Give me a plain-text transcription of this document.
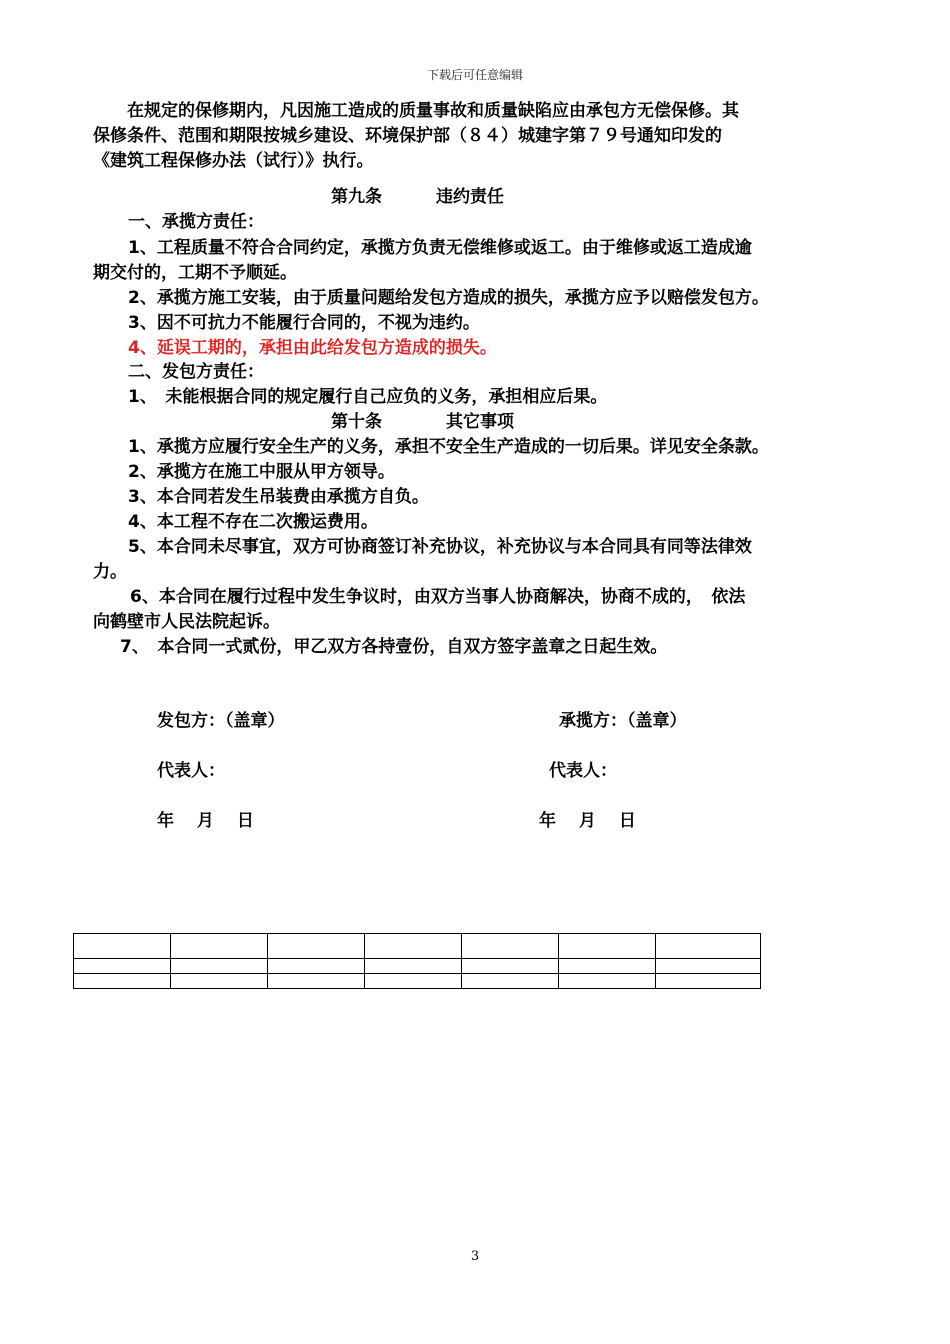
下载后可任意编辑
在规定的保修期内，凡因施工造成的质量事故和质量缺陷应由承包方无偿保修。其
保修条件、范围和期限按城乡建设、环境保护部（８４）城建字第７９号通知印发的
《建筑工程保修办法（试行）》执行。
第九条	违约责任
一、承揽方责任：
1、工程质量不符合合同约定，承揽方负责无偿维修或返工。由于维修或返工造成逾
期交付的，工期不予顺延。
2、承揽方施工安装，由于质量问题给发包方造成的损失，承揽方应予以赔偿发包方。
3、因不可抗力不能履行合同的，不视为违约。
4、延误工期的，承担由此给发包方造成的损失。
二、发包方责任：
1、　未能根据合同的规定履行自己应负的义务，承担相应后果。
第十条	其它事项
1、承揽方应履行安全生产的义务，承担不安全生产造成的一切后果。详见安全条款。
2、承揽方在施工中服从甲方领导。
3、本合同若发生吊装费由承揽方自负。
4、本工程不存在二次搬运费用。
5、本合同未尽事宜，双方可协商签订补充协议，补充协议与本合同具有同等法律效
力。
6、本合同在履行过程中发生争议时，由双方当事人协商解决，协商不成的，　依法
向鹤壁市人民法院起诉。
7、　本合同一式贰份，甲乙双方各持壹份，自双方签字盖章之日起生效。
发包方：（盖章）	承揽方：（盖章）
代表人：	代表人：
年　 月　 日	年　 月　 日

3
